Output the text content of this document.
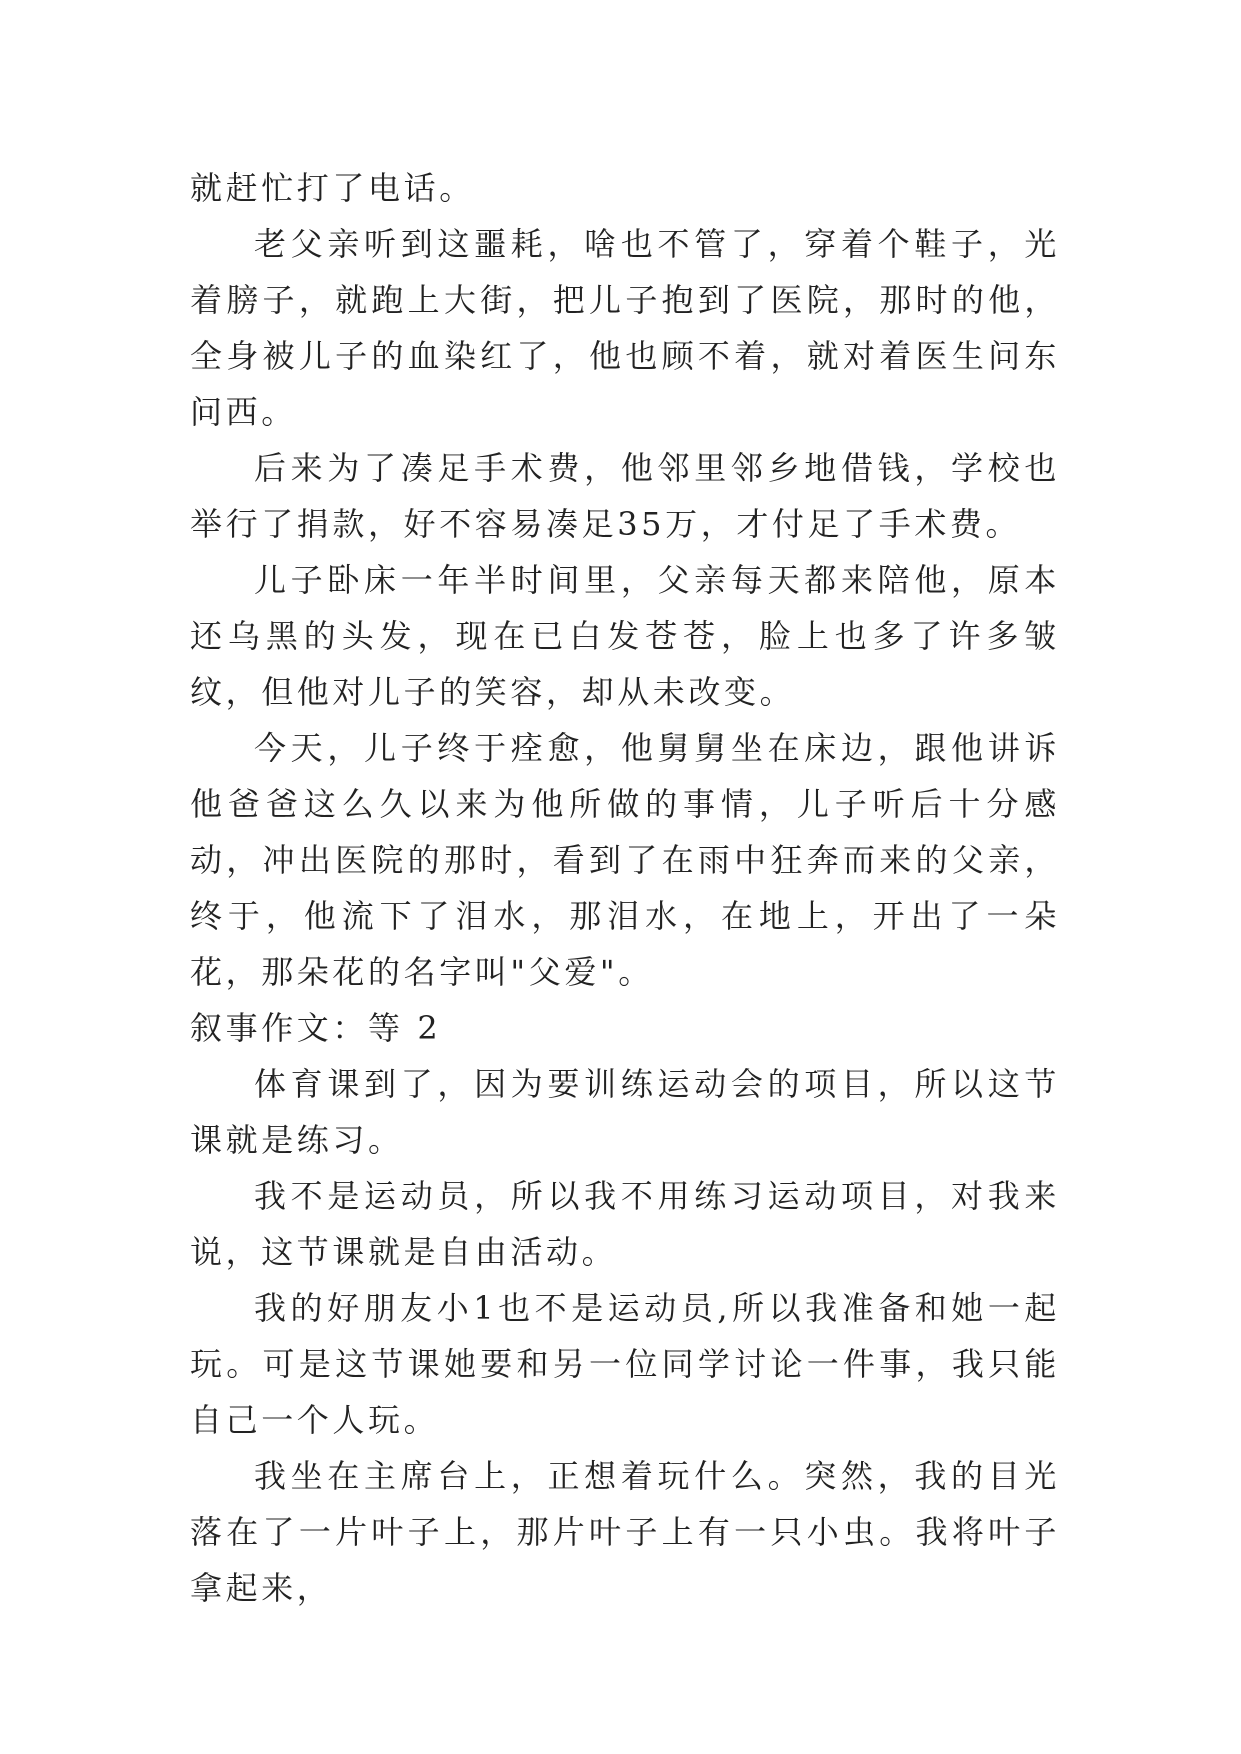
就赶忙打了电话。

老父亲听到这噩耗，啥也不管了，穿着个鞋子，光着膀子，就跑上大街，把儿子抱到了医院，那时的他，全身被儿子的血染红了，他也顾不着，就对着医生问东问西。

后来为了凑足手术费，他邻里邻乡地借钱，学校也举行了捐款，好不容易凑足35万，才付足了手术费。

儿子卧床一年半时间里，父亲每天都来陪他，原本还乌黑的头发，现在已白发苍苍，脸上也多了许多皱纹，但他对儿子的笑容，却从未改变。

今天，儿子终于痊愈，他舅舅坐在床边，跟他讲诉他爸爸这么久以来为他所做的事情，儿子听后十分感动，冲出医院的那时，看到了在雨中狂奔而来的父亲，终于，他流下了泪水，那泪水，在地上，开出了一朵花，那朵花的名字叫"父爱"。

叙事作文：等 2

体育课到了，因为要训练运动会的项目，所以这节课就是练习。

我不是运动员，所以我不用练习运动项目，对我来说，这节课就是自由活动。

我的好朋友小1也不是运动员,所以我准备和她一起玩。可是这节课她要和另一位同学讨论一件事，我只能自己一个人玩。

我坐在主席台上，正想着玩什么。突然，我的目光落在了一片叶子上，那片叶子上有一只小虫。我将叶子拿起来，
